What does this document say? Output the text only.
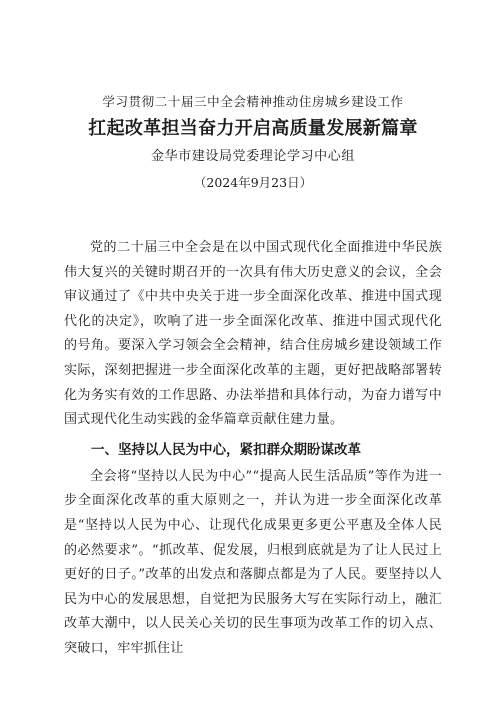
学习贯彻二十届三中全会精神推动住房城乡建设工作
扛起改革担当奋力开启高质量发展新篇章
金华市建设局党委理论学习中心组
（2024年9月23日）

党的二十届三中全会是在以中国式现代化全面推进中华民族伟大复兴的关键时期召开的一次具有伟大历史意义的会议，全会审议通过了《中共中央关于进一步全面深化改革、推进中国式现代化的决定》，吹响了进一步全面深化改革、推进中国式现代化的号角。要深入学习领会全会精神，结合住房城乡建设领域工作实际，深刻把握进一步全面深化改革的主题，更好把战略部署转化为务实有效的工作思路、办法举措和具体行动，为奋力谱写中国式现代化生动实践的金华篇章贡献住建力量。

一、坚持以人民为中心，紧扣群众期盼谋改革

全会将“坚持以人民为中心”“提高人民生活品质”等作为进一步全面深化改革的重大原则之一，并认为进一步全面深化改革是“坚持以人民为中心、让现代化成果更多更公平惠及全体人民的必然要求”。“抓改革、促发展，归根到底就是为了让人民过上更好的日子。”改革的出发点和落脚点都是为了人民。要坚持以人民为中心的发展思想，自觉把为民服务大写在实际行动上，融汇改革大潮中，以人民关心关切的民生事项为改革工作的切入点、突破口，牢牢抓住让
